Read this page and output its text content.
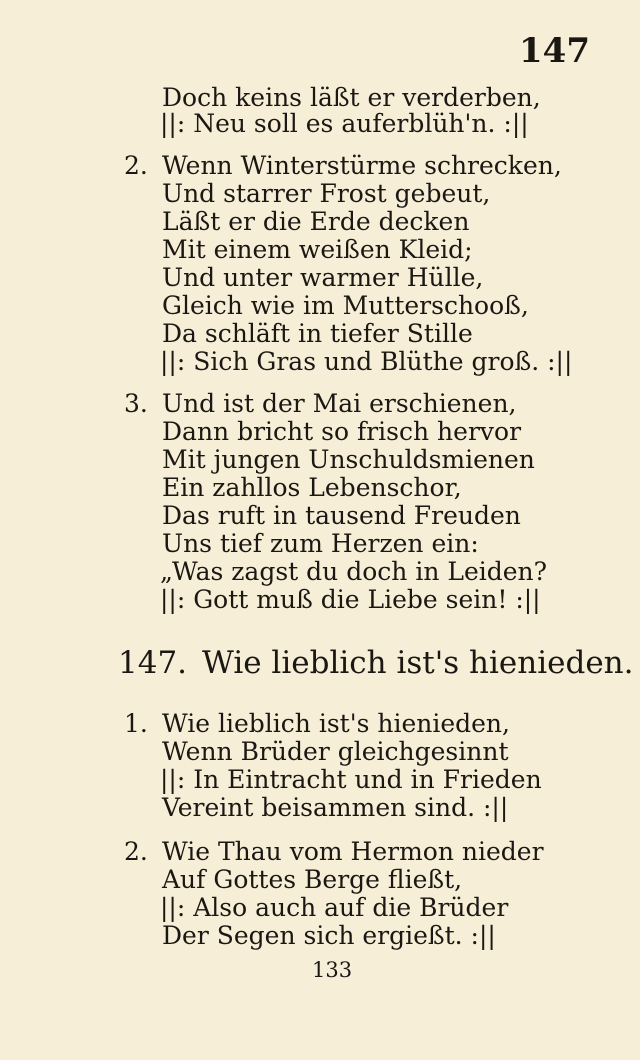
147
Doch keins läßt er verderben,
||: Neu soll es auferblüh'n. :||
2. Wenn Winterstürme schrecken,
Und starrer Frost gebeut,
Läßt er die Erde decken
Mit einem weißen Kleid;
Und unter warmer Hülle,
Gleich wie im Mutterschooß,
Da schläft in tiefer Stille
||: Sich Gras und Blüthe groß. :||
3. Und ist der Mai erschienen,
Dann bricht so frisch hervor
Mit jungen Unschuldsmienen
Ein zahllos Lebenschor,
Das ruft in tausend Freuden
Uns tief zum Herzen ein:
„Was zagst du doch in Leiden?
||: Gott muß die Liebe sein! :||
147. Wie lieblich ist's hienieden.
1. Wie lieblich ist's hienieden,
Wenn Brüder gleichgesinnt
||: In Eintracht und in Frieden
Vereint beisammen sind. :||
2. Wie Thau vom Hermon nieder
Auf Gottes Berge fließt,
||: Also auch auf die Brüder
Der Segen sich ergießt. :||
133
